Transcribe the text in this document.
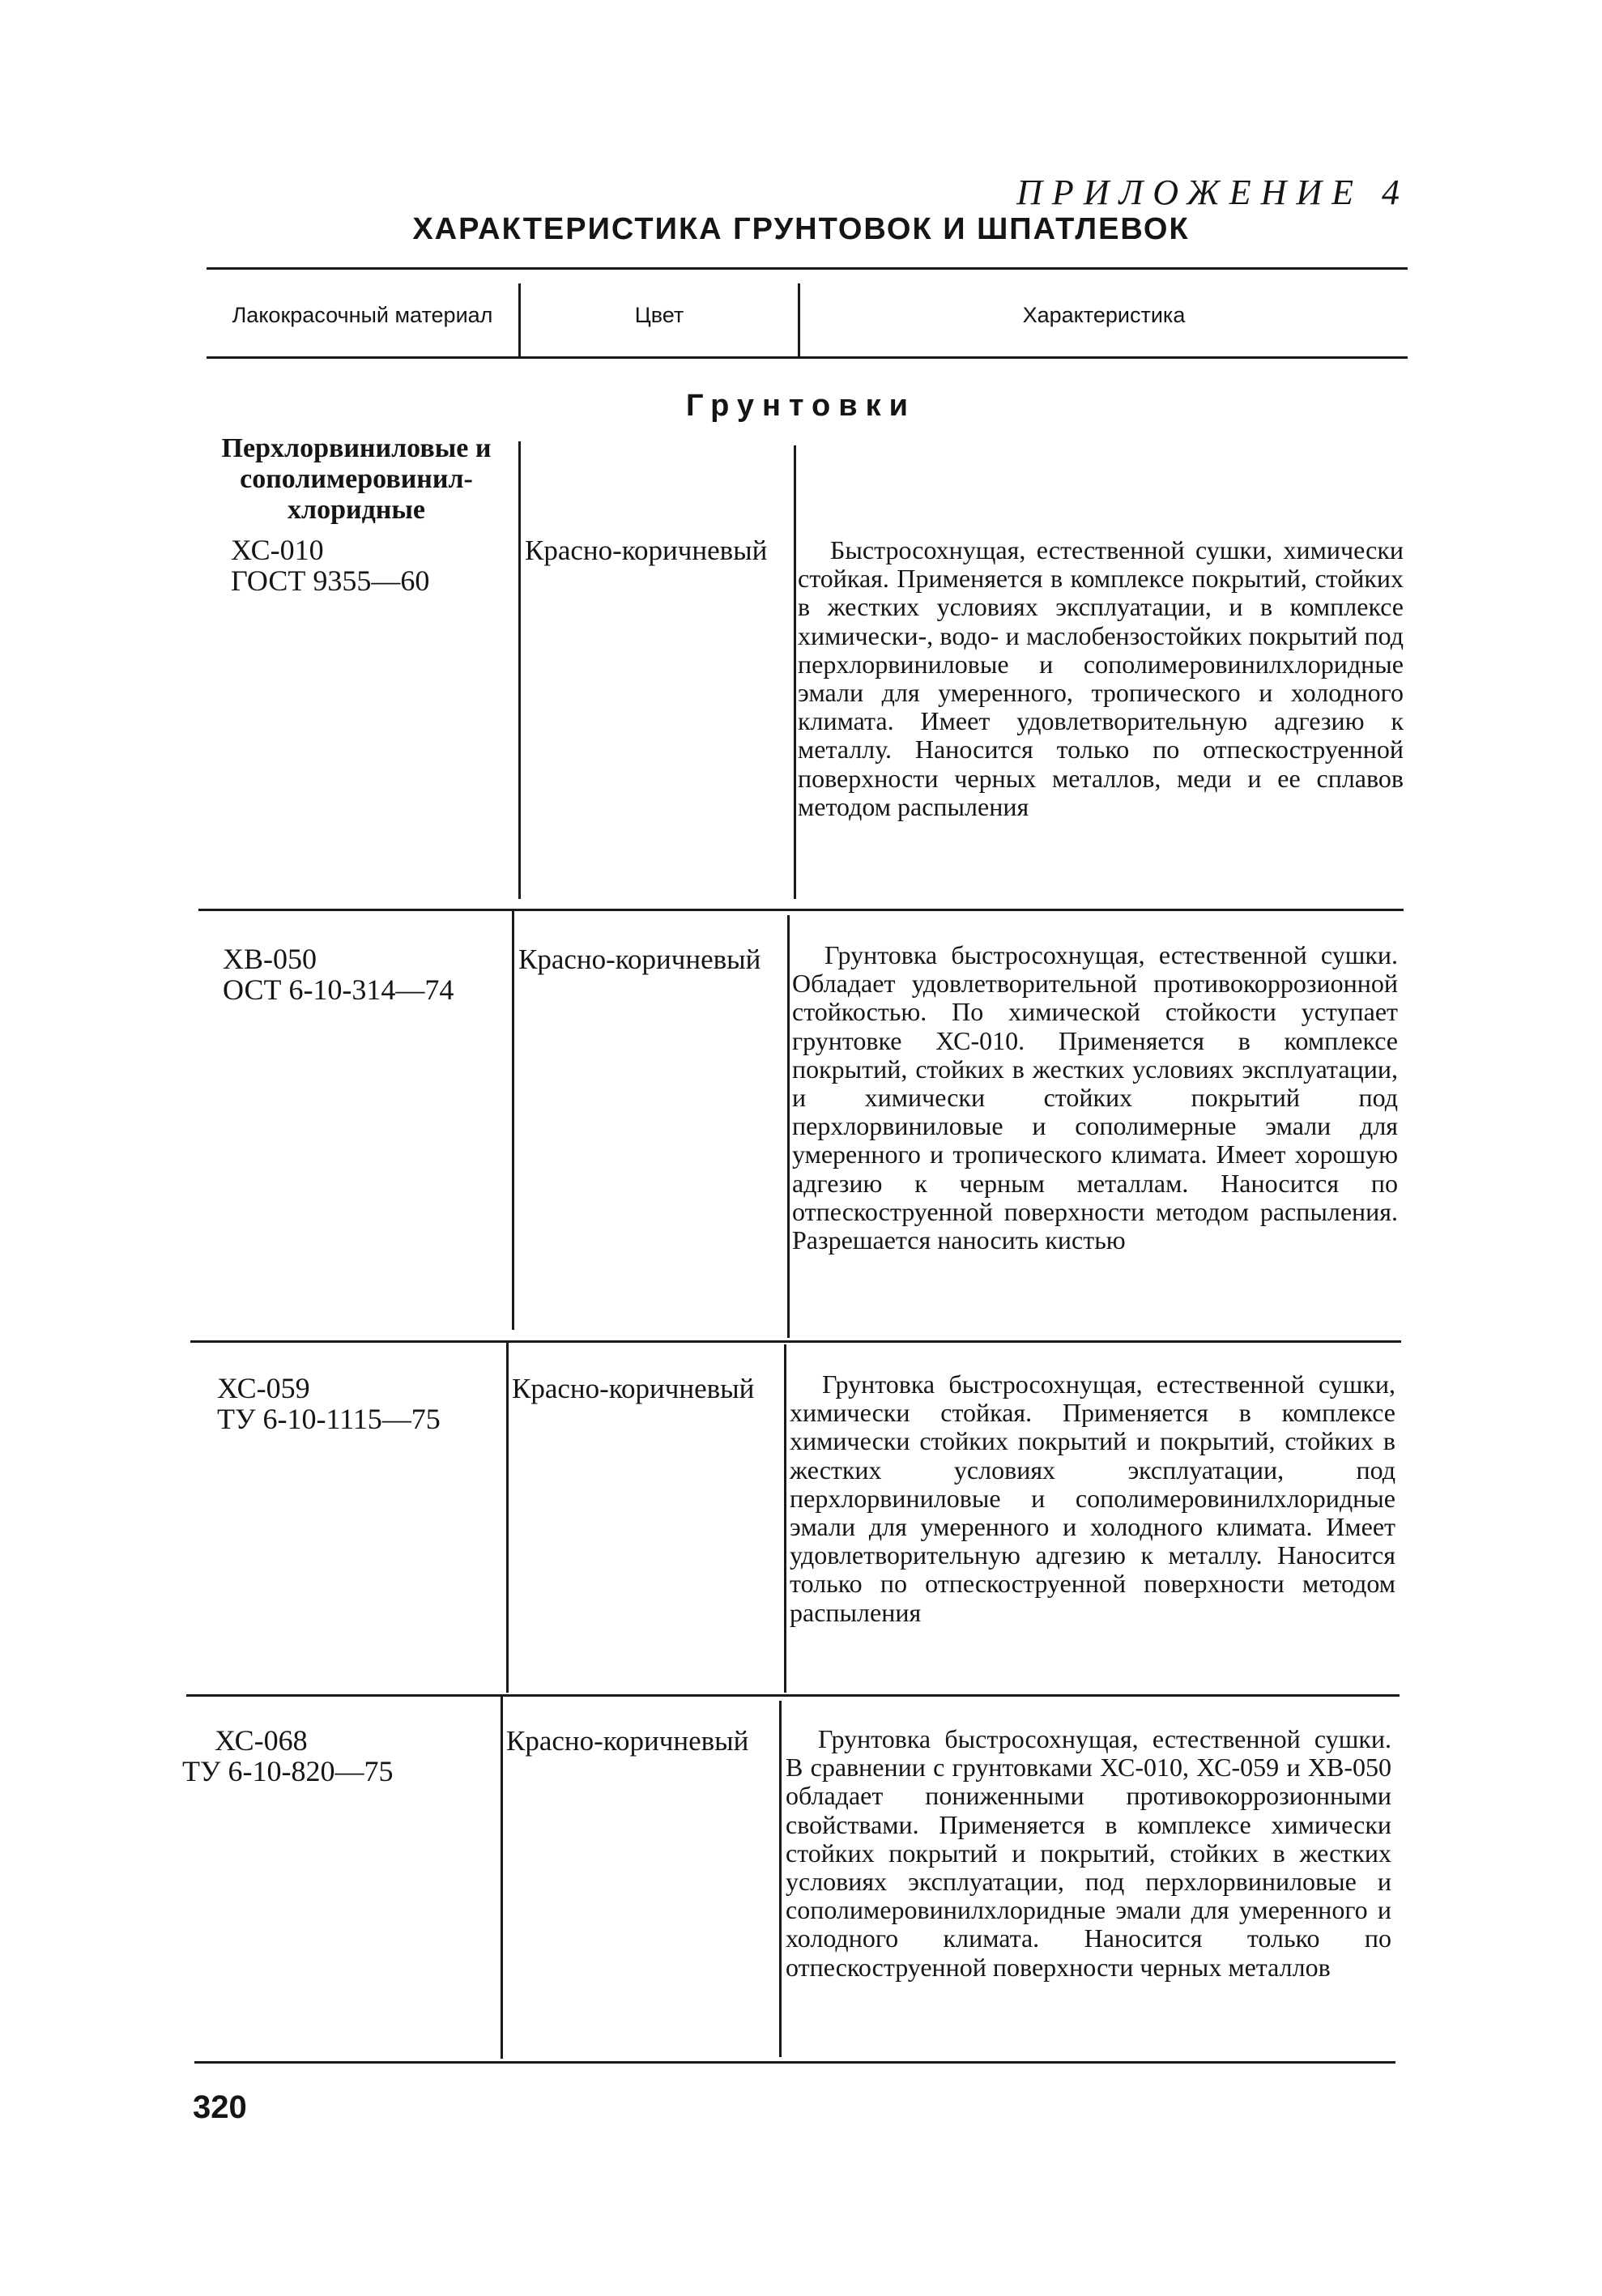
ПРИЛОЖЕНИЕ 4
ХАРАКТЕРИСТИКА ГРУНТОВОК И ШПАТЛЕВОК
Лакокрасочный материал	Цвет	Характеристика
Грунтовки
Перхлорвиниловые и сополимеровинил-хлоридные
ХС-010
ГОСТ 9355—60
Красно-коричневый	Быстросохнущая, естественной сушки, химически стойкая. Применяется в комплексе покрытий, стойких в жестких условиях эксплуатации, и в комплексе химически-, водо- и маслобензостойких покрытий под перхлорвиниловые и сополимеровинилхлоридные эмали для умеренного, тропического и холодного климата. Имеет удовлетворительную адгезию к металлу. Наносится только по отпескоструенной поверхности черных металлов, меди и ее сплавов методом распыления

ХВ-050
ОСТ 6-10-314—74
Красно-коричневый	Грунтовка быстросохнущая, естественной сушки. Обладает удовлетворительной противокоррозионной стойкостью. По химической стойкости уступает грунтовке ХС-010. Применяется в комплексе покрытий, стойких в жестких условиях эксплуатации, и химически стойких покрытий под перхлорвиниловые и сополимерные эмали для умеренного и тропического климата. Имеет хорошую адгезию к черным металлам. Наносится по отпескоструенной поверхности методом распыления. Разрешается наносить кистью

ХС-059
ТУ 6-10-1115—75
Красно-коричневый	Грунтовка быстросохнущая, естественной сушки, химически стойкая. Применяется в комплексе химически стойких покрытий и покрытий, стойких в жестких условиях эксплуатации, под перхлорвиниловые и сополимеровинилхлоридные эмали для умеренного и холодного климата. Имеет удовлетворительную адгезию к металлу. Наносится только по отпескоструенной поверхности методом распыления

ХС-068
ТУ 6-10-820—75
Красно-коричневый	Грунтовка быстросохнущая, естественной сушки. В сравнении с грунтовками ХС-010, ХС-059 и ХВ-050 обладает пониженными противокоррозионными свойствами. Применяется в комплексе химически стойких покрытий и покрытий, стойких в жестких условиях эксплуатации, под перхлорвиниловые и сополимеровинилхлоридные эмали для умеренного и холодного климата. Наносится только по отпескоструенной поверхности черных металлов

320
